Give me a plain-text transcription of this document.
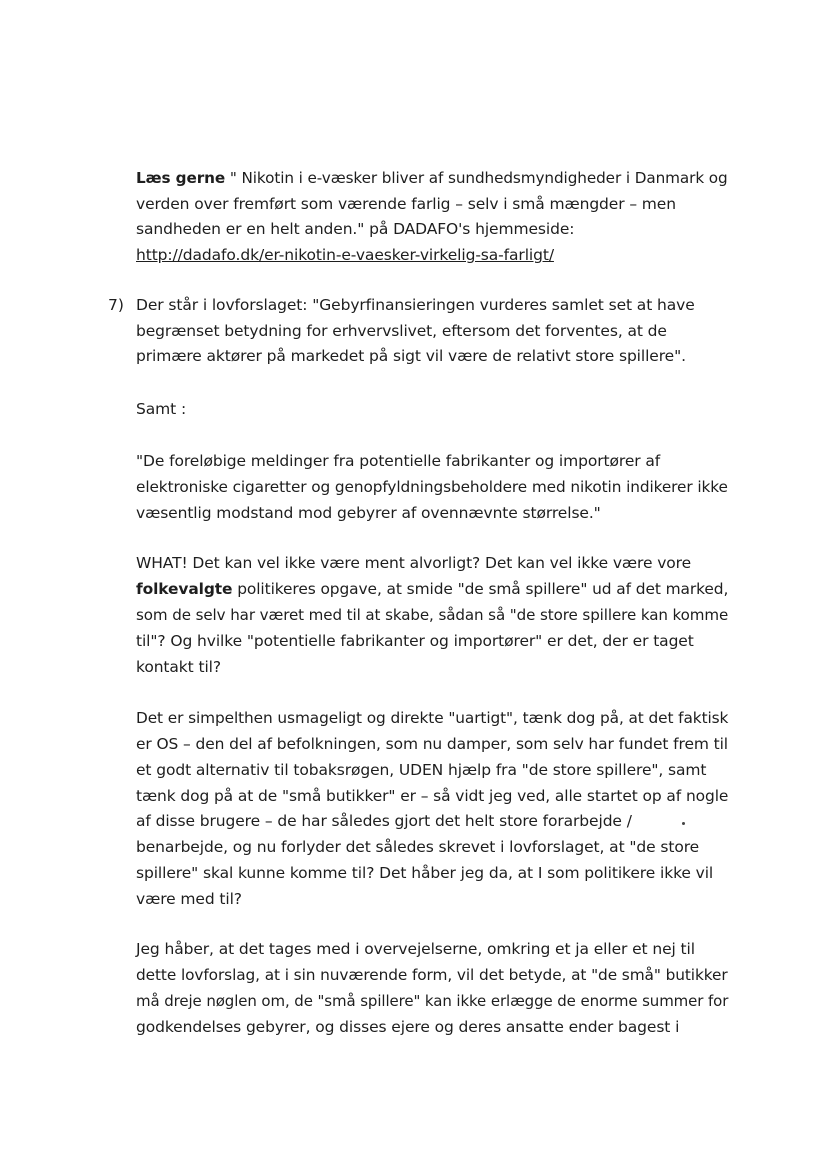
Læs gerne " Nikotin i e-væsker bliver af sundhedsmyndigheder i Danmark og
verden over fremført som værende farlig – selv i små mængder – men
sandheden er en helt anden." på DADAFO's hjemmeside:
http://dadafo.dk/er-nikotin-e-vaesker-virkelig-sa-farligt/
7) Der står i lovforslaget: "Gebyrfinansieringen vurderes samlet set at have
begrænset betydning for erhvervslivet, eftersom det forventes, at de
primære aktører på markedet på sigt vil være de relativt store spillere".
Samt :
"De foreløbige meldinger fra potentielle fabrikanter og importører af
elektroniske cigaretter og genopfyldningsbeholdere med nikotin indikerer ikke
væsentlig modstand mod gebyrer af ovennævnte størrelse."
WHAT! Det kan vel ikke være ment alvorligt? Det kan vel ikke være vore
folkevalgte politikeres opgave, at smide "de små spillere" ud af det marked,
som de selv har været med til at skabe, sådan så "de store spillere kan komme
til"? Og hvilke "potentielle fabrikanter og importører" er det, der er taget
kontakt til?
Det er simpelthen usmageligt og direkte "uartigt", tænk dog på, at det faktisk
er OS – den del af befolkningen, som nu damper, som selv har fundet frem til
et godt alternativ til tobaksrøgen, UDEN hjælp fra "de store spillere", samt
tænk dog på at de "små butikker" er – så vidt jeg ved, alle startet op af nogle
af disse brugere – de har således gjort det helt store forarbejde /
benarbejde, og nu forlyder det således skrevet i lovforslaget, at "de store
spillere" skal kunne komme til? Det håber jeg da, at I som politikere ikke vil
være med til?
Jeg håber, at det tages med i overvejelserne, omkring et ja eller et nej til
dette lovforslag, at i sin nuværende form, vil det betyde, at "de små" butikker
må dreje nøglen om, de "små spillere" kan ikke erlægge de enorme summer for
godkendelses gebyrer, og disses ejere og deres ansatte ender bagest i
